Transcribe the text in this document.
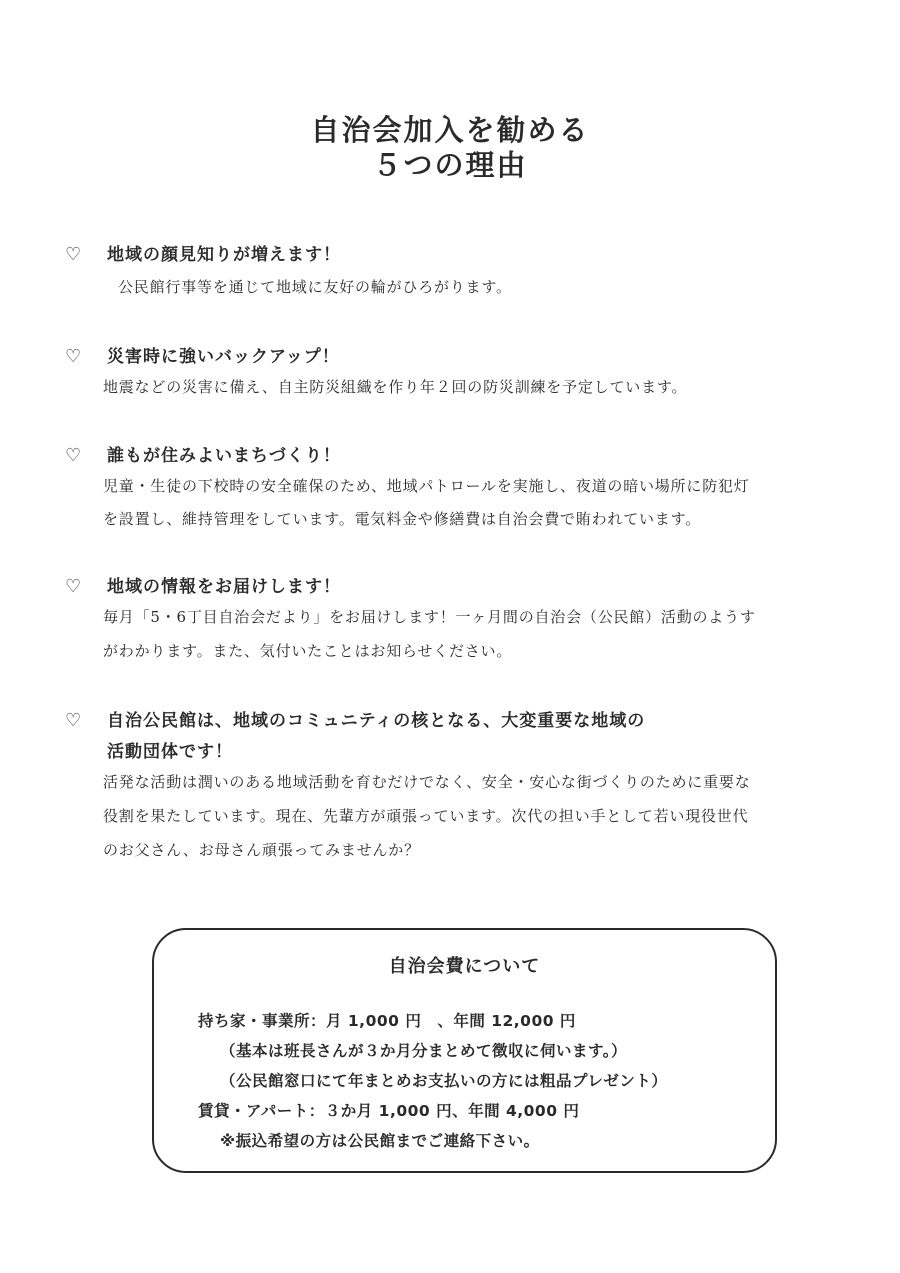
自治会加入を勧める
５つの理由
♡ 地域の顔見知りが増えます！
公民館行事等を通じて地域に友好の輪がひろがります。
♡ 災害時に強いバックアップ！
地震などの災害に備え、自主防災組織を作り年２回の防災訓練を予定しています。
♡ 誰もが住みよいまちづくり！
児童・生徒の下校時の安全確保のため、地域パトロールを実施し、夜道の暗い場所に防犯灯
を設置し、維持管理をしています。電気料金や修繕費は自治会費で賄われています。
♡ 地域の情報をお届けします！
毎月「5・6丁目自治会だより」をお届けします！一ヶ月間の自治会（公民館）活動のようす
がわかります。また、気付いたことはお知らせください。
♡ 自治公民館は、地域のコミュニティの核となる、大変重要な地域の
活動団体です！
活発な活動は潤いのある地域活動を育むだけでなく、安全・安心な街づくりのために重要な
役割を果たしています。現在、先輩方が頑張っています。次代の担い手として若い現役世代
のお父さん、お母さん頑張ってみませんか？
自治会費について
持ち家・事業所：月 1,000 円　、年間 12,000 円
（基本は班長さんが３か月分まとめて徴収に伺います。）
（公民館窓口にて年まとめお支払いの方には粗品プレゼント）
賃貸・アパート：３か月 1,000 円、年間 4,000 円
※振込希望の方は公民館までご連絡下さい。
